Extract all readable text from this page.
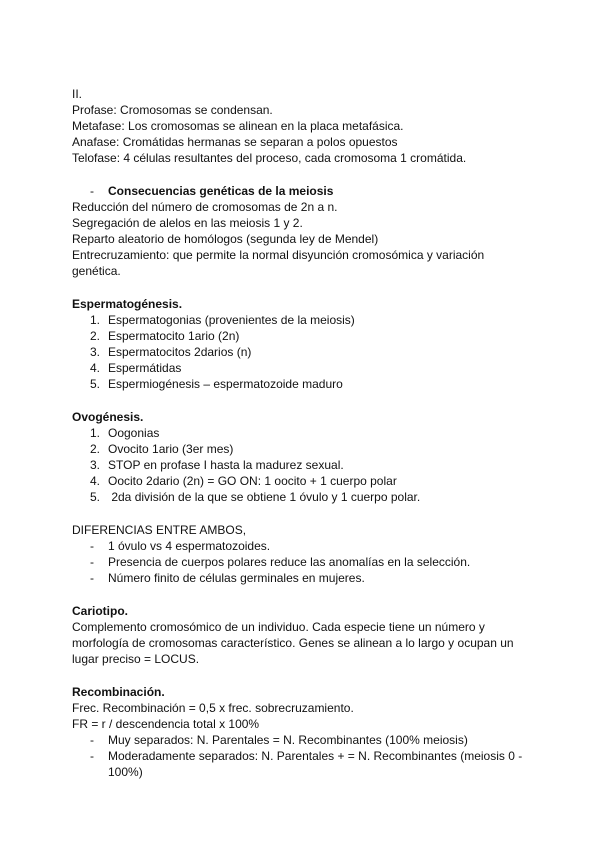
II.
Profase: Cromosomas se condensan.
Metafase: Los cromosomas se alinean en la placa metafásica.
Anafase: Cromátidas hermanas se separan a polos opuestos
Telofase: 4 células resultantes del proceso, cada cromosoma 1 cromátida.
- Consecuencias genéticas de la meiosis
Reducción del número de cromosomas de 2n a n.
Segregación de alelos en las meiosis 1 y 2.
Reparto aleatorio de homólogos (segunda ley de Mendel)
Entrecruzamiento: que permite la normal disyunción cromosómica y variación genética.
Espermatogénesis.
1. Espermatogonias (provenientes de la meiosis)
2. Espermatocito 1ario (2n)
3. Espermatocitos 2darios (n)
4. Espermátidas
5. Espermiogénesis – espermatozoide maduro
Ovogénesis.
1. Oogonias
2. Ovocito 1ario (3er mes)
3. STOP en profase I hasta la madurez sexual.
4. Oocito 2dario (2n) = GO ON: 1 oocito + 1 cuerpo polar
5. 2da división de la que se obtiene 1 óvulo y 1 cuerpo polar.
DIFERENCIAS ENTRE AMBOS,
- 1 óvulo vs 4 espermatozoides.
- Presencia de cuerpos polares reduce las anomalías en la selección.
- Número finito de células germinales en mujeres.
Cariotipo.
Complemento cromosómico de un individuo. Cada especie tiene un número y morfología de cromosomas característico. Genes se alinean a lo largo y ocupan un lugar preciso = LOCUS.
Recombinación.
Frec. Recombinación = 0,5 x frec. sobrecruzamiento.
FR = r / descendencia total x 100%
- Muy separados: N. Parentales = N. Recombinantes (100% meiosis)
- Moderadamente separados: N. Parentales + = N. Recombinantes (meiosis 0 - 100%)
